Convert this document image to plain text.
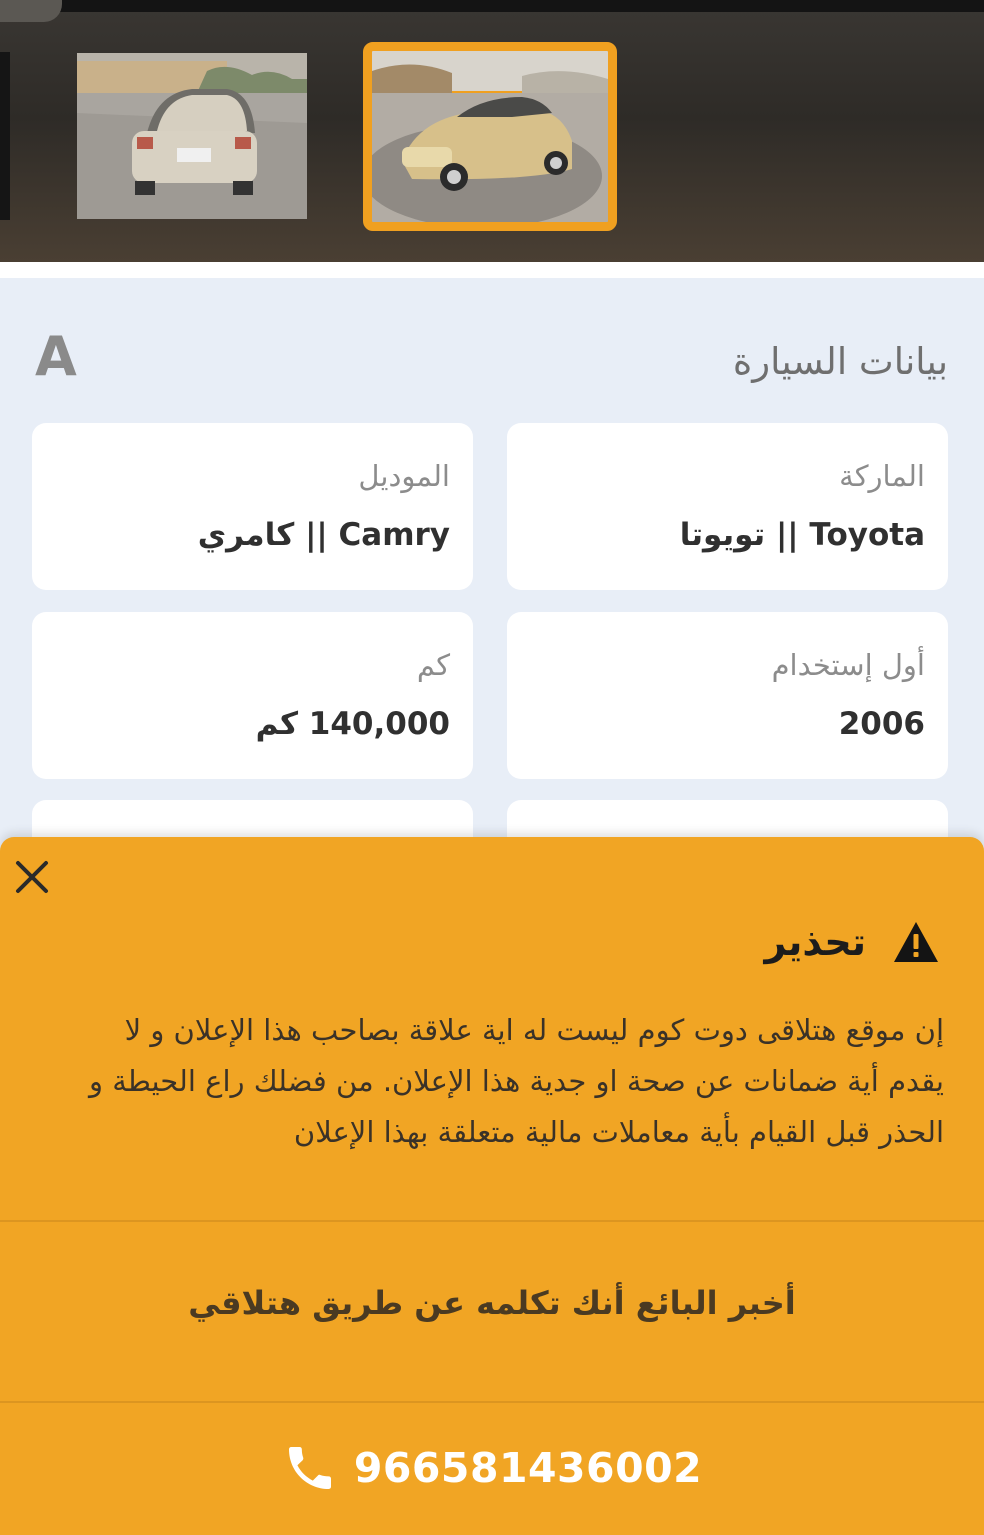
بيانات السيارة
A
الماركة
Toyota || تويوتا
الموديل
Camry || كامري
أول إستخدام
2006
كم
140,000 كم
تحذير
إن موقع هتلاقى دوت كوم ليست له اية علاقة بصاحب هذا الإعلان و لا يقدم أية ضمانات عن صحة او جدية هذا الإعلان. من فضلك راع الحيطة و الحذر قبل القيام بأية معاملات مالية متعلقة بهذا الإعلان
أخبر البائع أنك تكلمه عن طريق هتلاقي
966581436002
